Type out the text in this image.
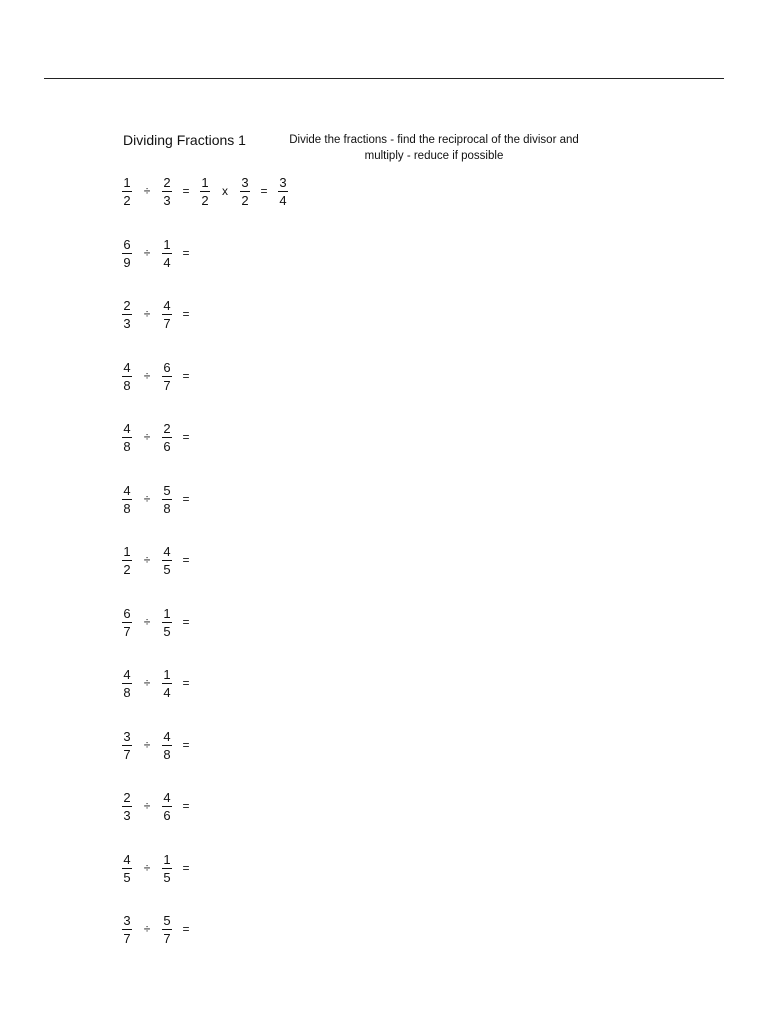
Dividing Fractions 1	Divide the fractions - find the reciprocal of the divisor and
multiply - reduce if possible
$\frac{1}{2} \div \frac{2}{3} = \frac{1}{2}$ x $\frac{3}{2} = \frac{3}{4}$
$\frac{6}{9} \div \frac{1}{4}$ =
$\frac{2}{3} \div \frac{4}{7}$ =
$\frac{4}{8} \div \frac{6}{7}$ =
$\frac{4}{8} \div \frac{2}{6}$ =
$\frac{4}{8} \div \frac{5}{8}$ =
$\frac{1}{2} \div \frac{4}{5}$ =
$\frac{6}{7} \div \frac{1}{5}$ =
$\frac{4}{8} \div \frac{1}{4}$ =
$\frac{3}{7} \div \frac{4}{8}$ =
$\frac{2}{3} \div \frac{4}{6}$ =
$\frac{4}{5} \div \frac{1}{5}$ =
$\frac{3}{7} \div \frac{5}{7}$ =
